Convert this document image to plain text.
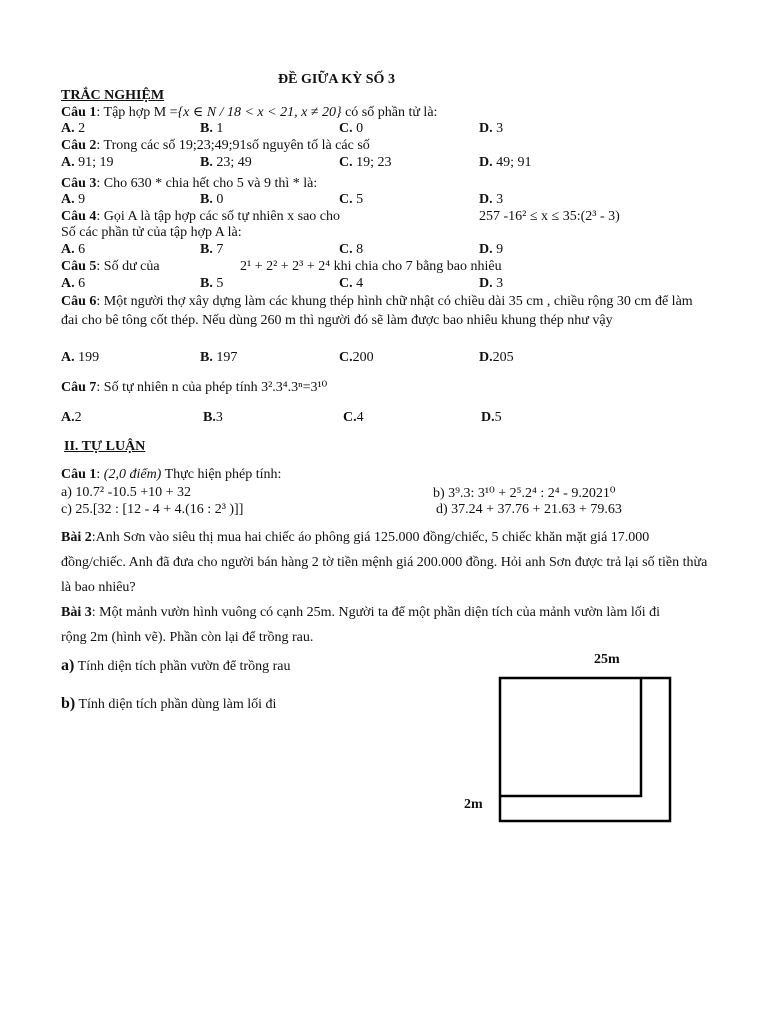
ĐỀ GIỮA KỲ SỐ 3
TRẮC NGHIỆM
Câu 1: Tập hợp M ={x ∈ N / 18 < x < 21, x ≠ 20} có số phần tử là:
A. 2	B. 1	C. 0	D. 3
Câu 2: Trong các số 19;23;49;91số nguyên tố là các số
A. 91; 19	B. 23; 49	C. 19; 23	D. 49; 91
Câu 3: Cho 630 * chia hết cho 5 và 9 thì * là:
A. 9	B. 0	C. 5	D. 3
Câu 4: Gọi A là tập hợp các số tự nhiên x sao cho	257 -16² ≤ x ≤ 35:(2³ - 3)
Số các phần tử của tập hợp A là:
A. 6	B. 7	C. 8	D. 9
Câu 5: Số dư của	2¹ + 2² + 2³ + 2⁴ khi chia cho 7 bằng bao nhiêu
A. 6	B. 5	C. 4	D. 3
Câu 6: Một người thợ xây dựng làm các khung thép hình chữ nhật có chiều dài 35 cm , chiều rộng 30 cm để làm đai cho bê tông cốt thép. Nếu dùng 260 m thì người đó sẽ làm được bao nhiêu khung thép như vậy
A. 199	B. 197	C.200	D.205
Câu 7: Số tự nhiên n của phép tính 3².3⁴.3ⁿ=3¹⁰
A.2	B.3	C.4	D.5
II. TỰ LUẬN
Câu 1: (2,0 điểm) Thực hiện phép tính:
a) 10.7² -10.5 +10 + 32	b) 3⁹.3: 3¹⁰ + 2⁵.2⁴ : 2⁴ - 9.2021⁰
c) 25.[32 : [12 - 4 + 4.(16 : 2³ )]]	d) 37.24 + 37.76 + 21.63 + 79.63
Bài 2:Anh Sơn vào siêu thị mua hai chiếc áo phông giá 125.000 đồng/chiếc, 5 chiếc khăn mặt giá 17.000 đồng/chiếc. Anh đã đưa cho người bán hàng 2 tờ tiền mệnh giá 200.000 đồng. Hỏi anh Sơn được trả lại số tiền thừa là bao nhiêu?
Bài 3: Một mảnh vườn hình vuông có cạnh 25m. Người ta để một phần diện tích của mảnh vườn làm lối đi rộng 2m (hình vẽ). Phần còn lại để trồng rau.
a) Tính diện tích phần vườn để trồng rau
b) Tính diện tích phần dùng làm lối đi
25m
2m
